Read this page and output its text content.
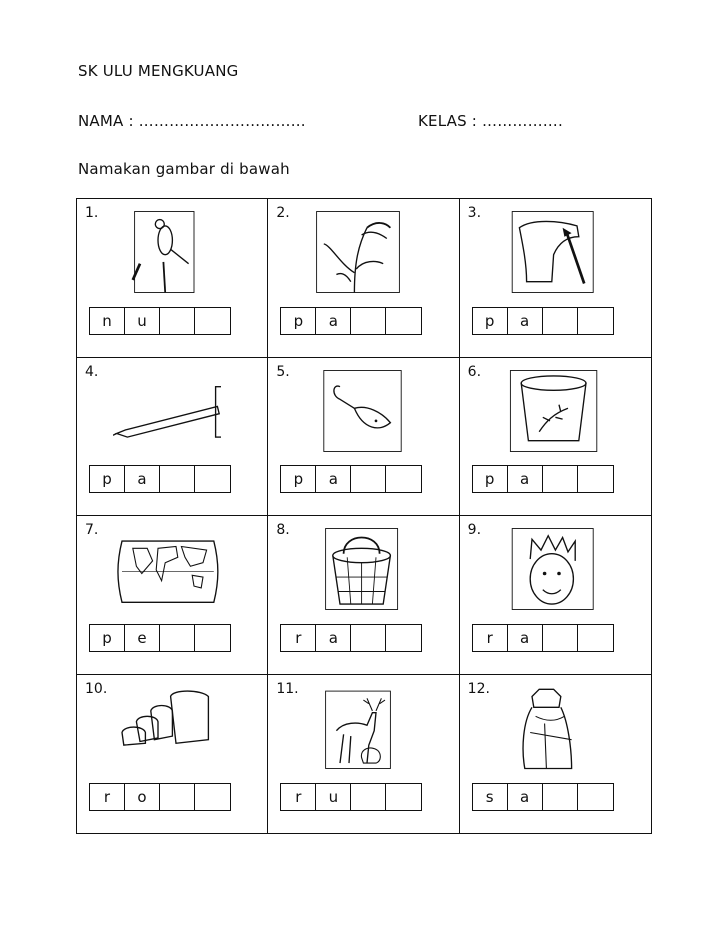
SK ULU MENGKUANG
NAMA : ……………………………	KELAS : …………….
Namakan gambar di bawah
1.
n	u
2.
p	a
3.
p	a
4.
p	a
5.
p	a
6.
p	a
7.
p	e
8.
r	a
9.
r	a
10.
r	o
11.
r	u
12.
s	a
